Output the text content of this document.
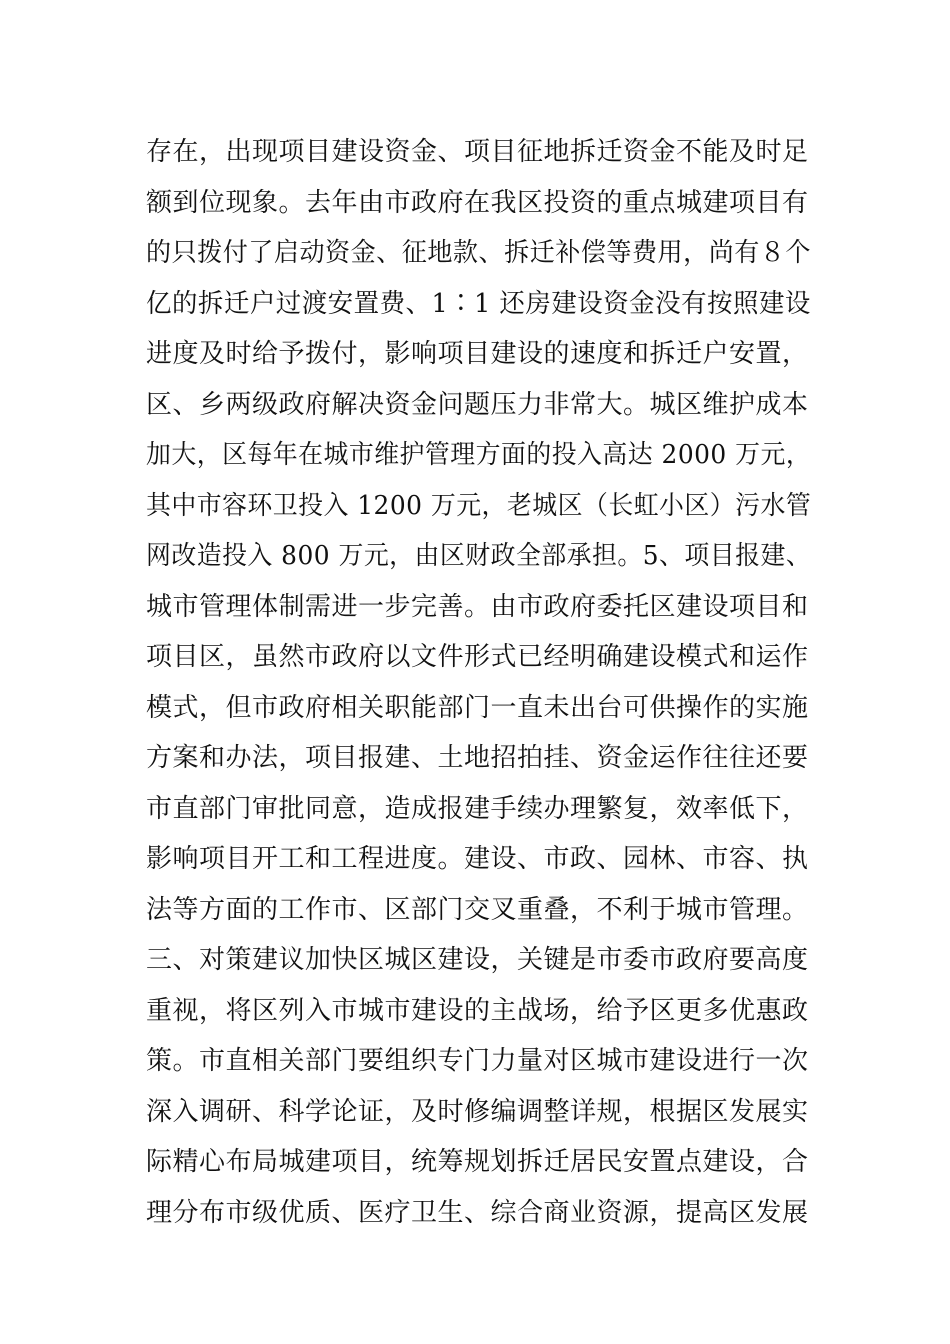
存在，出现项目建设资金、项目征地拆迁资金不能及时足
额到位现象。去年由市政府在我区投资的重点城建项目有
的只拨付了启动资金、征地款、拆迁补偿等费用，尚有８个
亿的拆迁户过渡安置费、1∶1 还房建设资金没有按照建设
进度及时给予拨付，影响项目建设的速度和拆迁户安置，
区、乡两级政府解决资金问题压力非常大。城区维护成本
加大，区每年在城市维护管理方面的投入高达 2000 万元，
其中市容环卫投入 1200 万元，老城区（长虹小区）污水管
网改造投入 800 万元，由区财政全部承担。5、项目报建、
城市管理体制需进一步完善。由市政府委托区建设项目和
项目区，虽然市政府以文件形式已经明确建设模式和运作
模式，但市政府相关职能部门一直未出台可供操作的实施
方案和办法，项目报建、土地招拍挂、资金运作往往还要
市直部门审批同意，造成报建手续办理繁复，效率低下，
影响项目开工和工程进度。建设、市政、园林、市容、执
法等方面的工作市、区部门交叉重叠，不利于城市管理。
三、对策建议加快区城区建设，关键是市委市政府要高度
重视，将区列入市城市建设的主战场，给予区更多优惠政
策。市直相关部门要组织专门力量对区城市建设进行一次
深入调研、科学论证，及时修编调整详规，根据区发展实
际精心布局城建项目，统筹规划拆迁居民安置点建设，合
理分布市级优质、医疗卫生、综合商业资源，提高区发展
